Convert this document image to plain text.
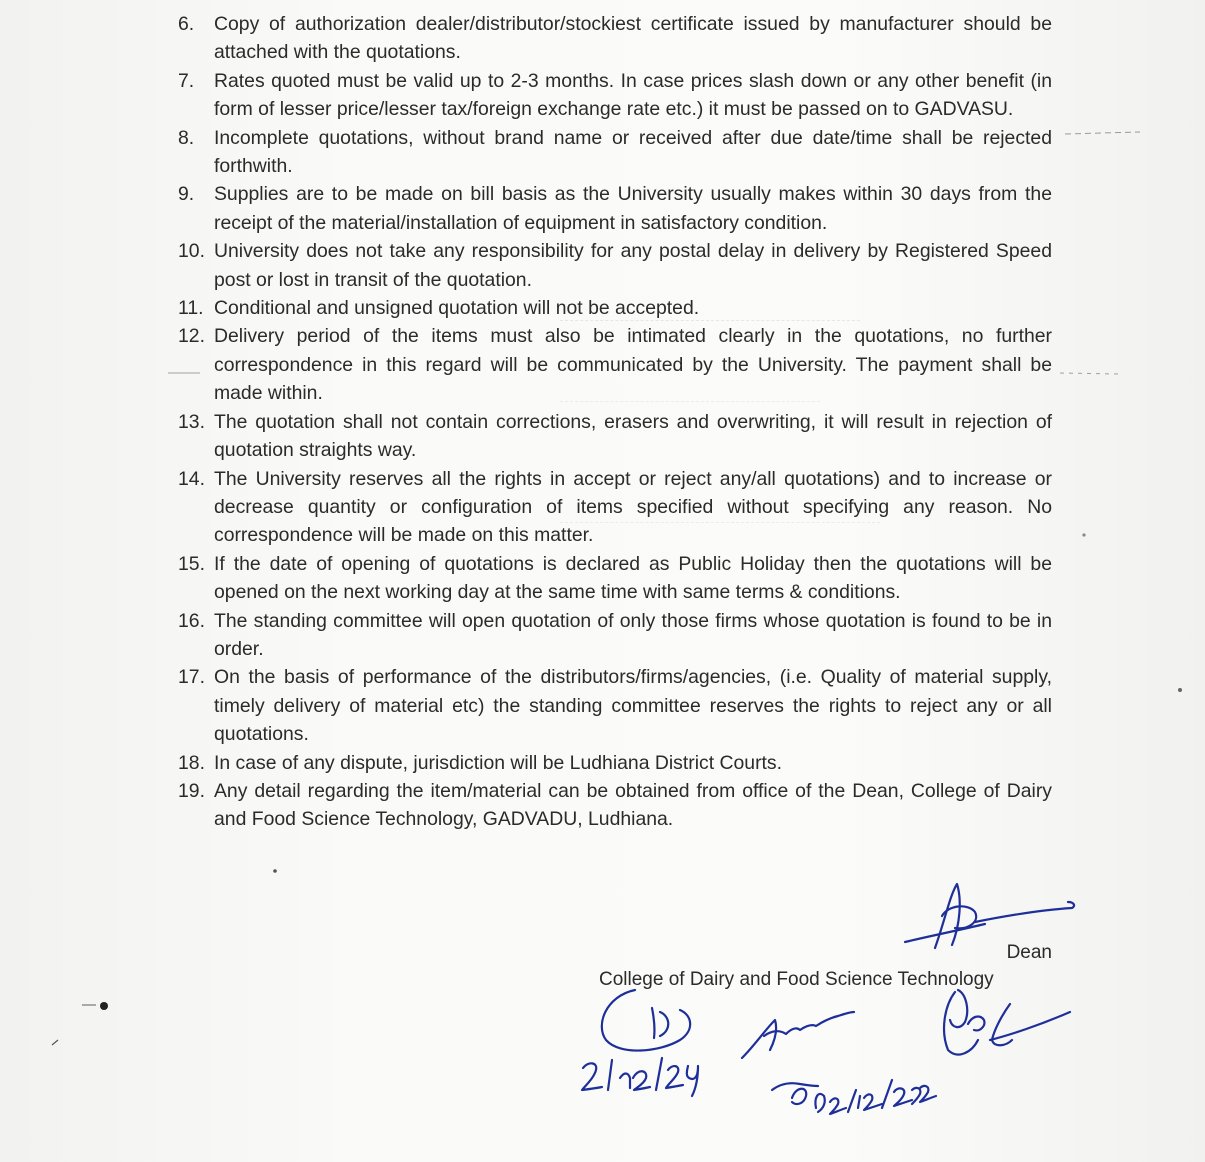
6.	Copy of authorization dealer/distributor/stockiest certificate issued by manufacturer should be attached with the quotations.
7.	Rates quoted must be valid up to 2-3 months. In case prices slash down or any other benefit (in form of lesser price/lesser tax/foreign exchange rate etc.) it must be passed on to GADVASU.
8.	Incomplete quotations, without brand name or received after due date/time shall be rejected forthwith.
9.	Supplies are to be made on bill basis as the University usually makes within 30 days from the receipt of the material/installation of equipment in satisfactory condition.
10. University does not take any responsibility for any postal delay in delivery by Registered Speed post or lost in transit of the quotation.
11. Conditional and unsigned quotation will not be accepted.
12. Delivery period of the items must also be intimated clearly in the quotations, no further correspondence in this regard will be communicated by the University. The payment shall be made within.
13. The quotation shall not contain corrections, erasers and overwriting, it will result in rejection of quotation straights way.
14. The University reserves all the rights in accept or reject any/all quotations) and to increase or decrease quantity or configuration of items specified without specifying any reason. No correspondence will be made on this matter.
15. If the date of opening of quotations is declared as Public Holiday then the quotations will be opened on the next working day at the same time with same terms & conditions.
16. The standing committee will open quotation of only those firms whose quotation is found to be in order.
17. On the basis of performance of the distributors/firms/agencies, (i.e. Quality of material supply, timely delivery of material etc) the standing committee reserves the rights to reject any or all quotations.
18. In case of any dispute, jurisdiction will be Ludhiana District Courts.
19. Any detail regarding the item/material can be obtained from office of the Dean, College of Dairy and Food Science Technology, GADVADU, Ludhiana.
Dean
College of Dairy and Food Science Technology
